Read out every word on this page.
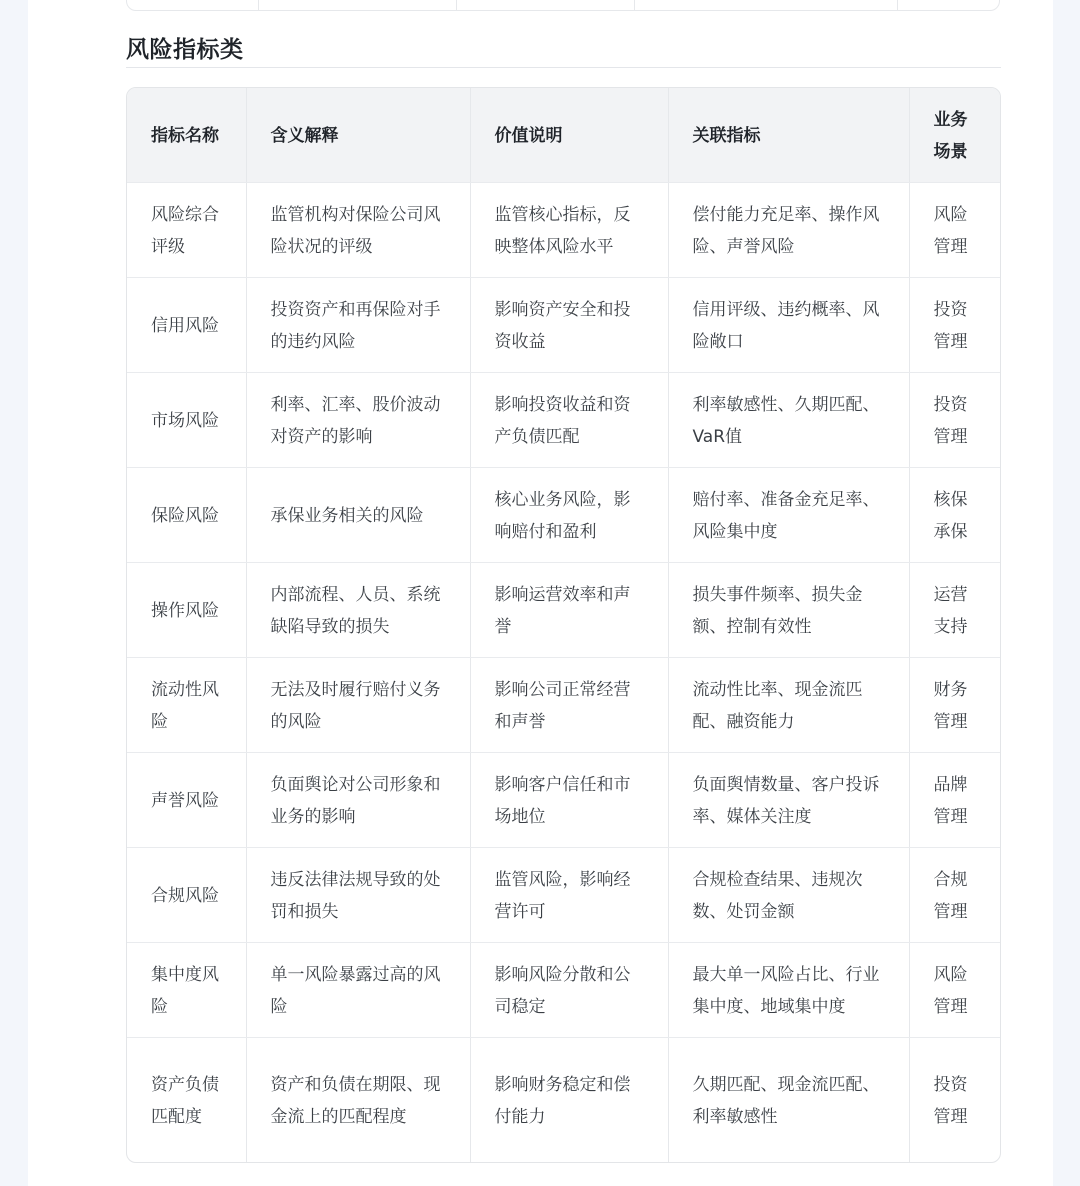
风险指标类
指标名称	含义解释	价值说明	关联指标	业务场景
风险综合评级	监管机构对保险公司风险状况的评级	监管核心指标，反映整体风险水平	偿付能力充足率、操作风险、声誉风险	风险管理
信用风险	投资资产和再保险对手的违约风险	影响资产安全和投资收益	信用评级、违约概率、风险敞口	投资管理
市场风险	利率、汇率、股价波动对资产的影响	影响投资收益和资产负债匹配	利率敏感性、久期匹配、VaR值	投资管理
保险风险	承保业务相关的风险	核心业务风险，影响赔付和盈利	赔付率、准备金充足率、风险集中度	核保承保
操作风险	内部流程、人员、系统缺陷导致的损失	影响运营效率和声誉	损失事件频率、损失金额、控制有效性	运营支持
流动性风险	无法及时履行赔付义务的风险	影响公司正常经营和声誉	流动性比率、现金流匹配、融资能力	财务管理
声誉风险	负面舆论对公司形象和业务的影响	影响客户信任和市场地位	负面舆情数量、客户投诉率、媒体关注度	品牌管理
合规风险	违反法律法规导致的处罚和损失	监管风险，影响经营许可	合规检查结果、违规次数、处罚金额	合规管理
集中度风险	单一风险暴露过高的风险	影响风险分散和公司稳定	最大单一风险占比、行业集中度、地域集中度	风险管理
资产负债匹配度	资产和负债在期限、现金流上的匹配程度	影响财务稳定和偿付能力	久期匹配、现金流匹配、利率敏感性	投资管理
